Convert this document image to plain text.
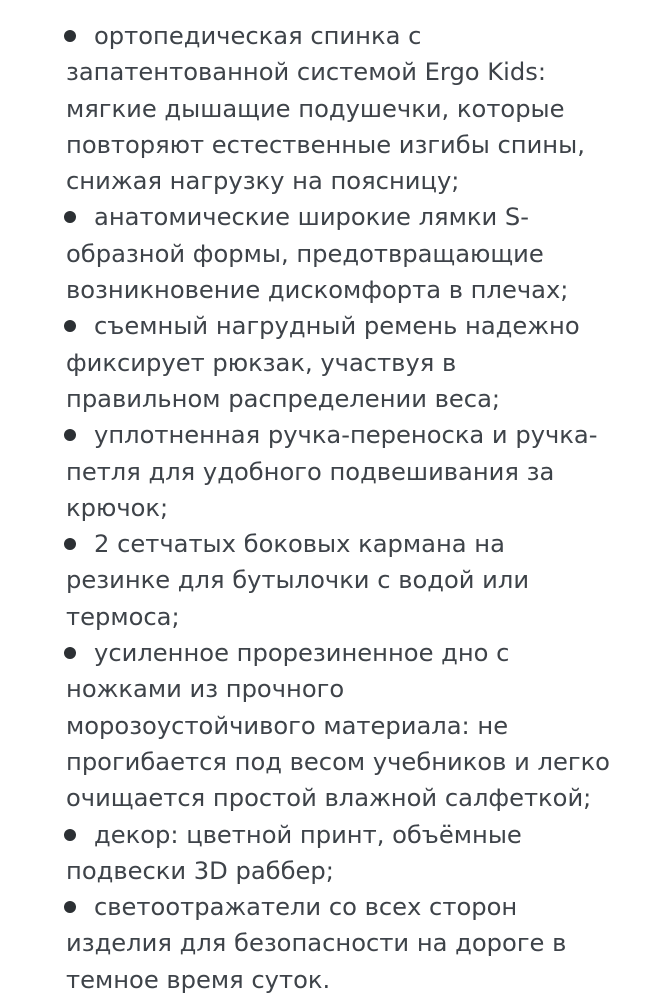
ортопедическая спинка с
запатентованной системой Ergo Kids:
мягкие дышащие подушечки, которые
повторяют естественные изгибы спины,
снижая нагрузку на поясницу;
анатомические широкие лямки S-
образной формы, предотвращающие
возникновение дискомфорта в плечах;
съемный нагрудный ремень надежно
фиксирует рюкзак, участвуя в
правильном распределении веса;
уплотненная ручка-переноска и ручка-
петля для удобного подвешивания за
крючок;
2 сетчатых боковых кармана на
резинке для бутылочки с водой или
термоса;
усиленное прорезиненное дно с
ножками из прочного
морозоустойчивого материала: не
прогибается под весом учебников и легко
очищается простой влажной салфеткой;
декор: цветной принт, объёмные
подвески 3D раббер;
светоотражатели со всех сторон
изделия для безопасности на дороге в
темное время суток.
